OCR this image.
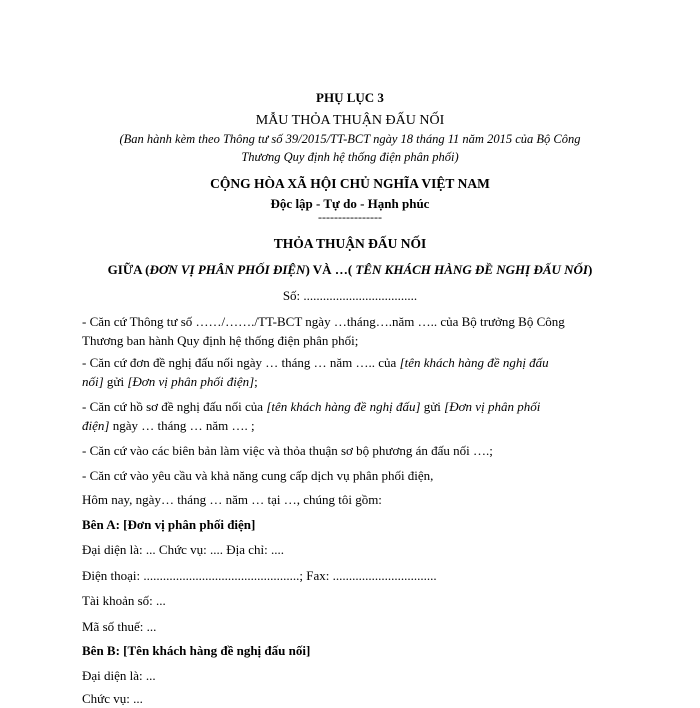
PHỤ LỤC 3
MẪU THỎA THUẬN ĐẤU NỐI
(Ban hành kèm theo Thông tư số 39/2015/TT-BCT ngày 18 tháng 11 năm 2015 của Bộ Công
Thương Quy định hệ thống điện phân phối)
CỘNG HÒA XÃ HỘI CHỦ NGHĨA VIỆT NAM
Độc lập - Tự do - Hạnh phúc
----------------
THỎA THUẬN ĐẤU NỐI
GIỮA (ĐƠN VỊ PHÂN PHỐI ĐIỆN) VÀ …( TÊN KHÁCH HÀNG ĐỀ NGHỊ ĐẤU NỐI)
Số: ...................................
- Căn cứ Thông tư số ……/……./TT-BCT ngày …tháng….năm ….. của Bộ trưởng Bộ Công
Thương ban hành Quy định hệ thống điện phân phối;
- Căn cứ đơn đề nghị đấu nối ngày … tháng … năm ….. của [tên khách hàng đề nghị đấu
nối] gửi [Đơn vị phân phối điện];
- Căn cứ hồ sơ đề nghị đấu nối của [tên khách hàng đề nghị đấu] gửi [Đơn vị phân phối
điện] ngày … tháng … năm …. ;
- Căn cứ vào các biên bản làm việc và thỏa thuận sơ bộ phương án đấu nối ….;
- Căn cứ vào yêu cầu và khả năng cung cấp dịch vụ phân phối điện,
Hôm nay, ngày… tháng … năm … tại …, chúng tôi gồm:
Bên A: [Đơn vị phân phối điện]
Đại diện là: ... Chức vụ: .... Địa chỉ: ....
Điện thoại: ................................................; Fax: ................................
Tài khoản số: ...
Mã số thuế: ...
Bên B: [Tên khách hàng đề nghị đấu nối]
Đại diện là: ...
Chức vụ: ...
